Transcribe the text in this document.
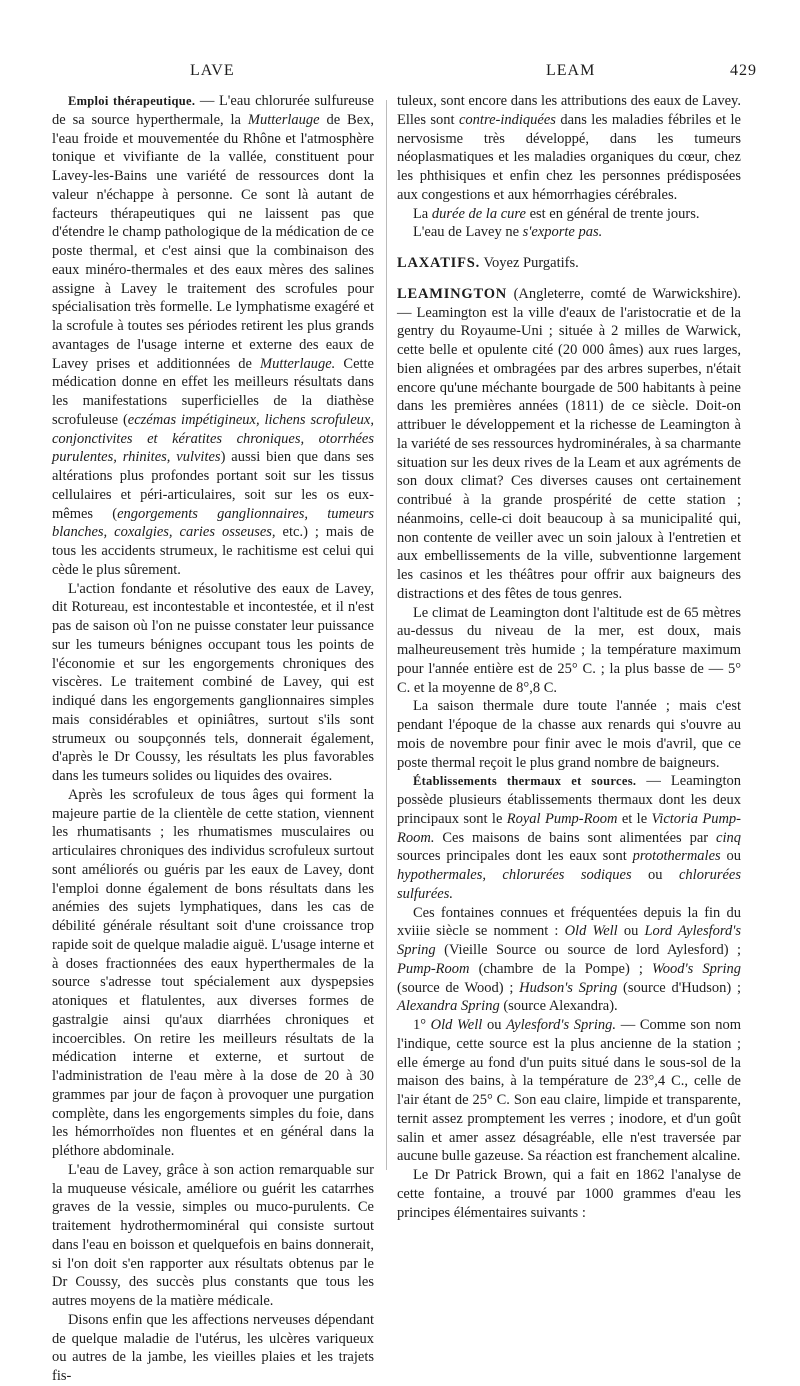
LAVE	LEAM	429

Emploi thérapeutique. — L'eau chlorurée sulfureuse de sa source hyperthermale, la Mutterlauge de Bex, l'eau froide et mouvementée du Rhône et l'atmosphère tonique et vivifiante de la vallée, constituent pour Lavey-les-Bains une variété de ressources dont la valeur n'échappe à personne. Ce sont là autant de facteurs thérapeutiques qui ne laissent pas que d'étendre le champ pathologique de la médication de ce poste thermal, et c'est ainsi que la combinaison des eaux minéro-thermales et des eaux mères des salines assigne à Lavey le traitement des scrofules pour spécialisation très formelle. Le lymphatisme exagéré et la scrofule à toutes ses périodes retirent les plus grands avantages de l'usage interne et externe des eaux de Lavey prises et additionnées de Mutterlauge. Cette médication donne en effet les meilleurs résultats dans les manifestations superficielles de la diathèse scrofuleuse (eczémas impétigineux, lichens scrofuleux, conjonctivites et kératites chroniques, otorrhées purulentes, rhinites, vulvites) aussi bien que dans ses altérations plus profondes portant soit sur les tissus cellulaires et péri-articulaires, soit sur les os eux-mêmes (engorgements ganglionnaires, tumeurs blanches, coxalgies, caries osseuses, etc.) ; mais de tous les accidents strumeux, le rachitisme est celui qui cède le plus sûrement.

L'action fondante et résolutive des eaux de Lavey, dit Rotureau, est incontestable et incontestée, et il n'est pas de saison où l'on ne puisse constater leur puissance sur les tumeurs bénignes occupant tous les points de l'économie et sur les engorgements chroniques des viscères. Le traitement combiné de Lavey, qui est indiqué dans les engorgements ganglionnaires simples mais considérables et opiniâtres, surtout s'ils sont strumeux ou soupçonnés tels, donnerait également, d'après le Dr Coussy, les résultats les plus favorables dans les tumeurs solides ou liquides des ovaires.

Après les scrofuleux de tous âges qui forment la majeure partie de la clientèle de cette station, viennent les rhumatisants ; les rhumatismes musculaires ou articulaires chroniques des individus scrofuleux surtout sont améliorés ou guéris par les eaux de Lavey, dont l'emploi donne également de bons résultats dans les anémies des sujets lymphatiques, dans les cas de débilité générale résultant soit d'une croissance trop rapide soit de quelque maladie aiguë. L'usage interne et à doses fractionnées des eaux hyperthermales de la source s'adresse tout spécialement aux dyspepsies atoniques et flatulentes, aux diverses formes de gastralgie ainsi qu'aux diarrhées chroniques et incoercibles. On retire les meilleurs résultats de la médication interne et externe, et surtout de l'administration de l'eau mère à la dose de 20 à 30 grammes par jour de façon à provoquer une purgation complète, dans les engorgements simples du foie, dans les hémorrhoïdes non fluentes et en général dans la pléthore abdominale.

L'eau de Lavey, grâce à son action remarquable sur la muqueuse vésicale, améliore ou guérit les catarrhes graves de la vessie, simples ou muco-purulents. Ce traitement hydrothermominéral qui consiste surtout dans l'eau en boisson et quelquefois en bains donnerait, si l'on doit s'en rapporter aux résultats obtenus par le Dr Coussy, des succès plus constants que tous les autres moyens de la matière médicale.

Disons enfin que les affections nerveuses dépendant de quelque maladie de l'utérus, les ulcères variqueux ou autres de la jambe, les vieilles plaies et les trajets fis-

tuleux, sont encore dans les attributions des eaux de Lavey. Elles sont contre-indiquées dans les maladies fébriles et le nervosisme très développé, dans les tumeurs néoplasmatiques et les maladies organiques du cœur, chez les phthisiques et enfin chez les personnes prédisposées aux congestions et aux hémorrhagies cérébrales.

La durée de la cure est en général de trente jours.

L'eau de Lavey ne s'exporte pas.

LAXATIFS. Voyez Purgatifs.

LEAMINGTON (Angleterre, comté de Warwickshire). — Leamington est la ville d'eaux de l'aristocratie et de la gentry du Royaume-Uni ; située à 2 milles de Warwick, cette belle et opulente cité (20 000 âmes) aux rues larges, bien alignées et ombragées par des arbres superbes, n'était encore qu'une méchante bourgade de 500 habitants à peine dans les premières années (1811) de ce siècle. Doit-on attribuer le développement et la richesse de Leamington à la variété de ses ressources hydrominérales, à sa charmante situation sur les deux rives de la Leam et aux agréments de son doux climat? Ces diverses causes ont certainement contribué à la grande prospérité de cette station ; néanmoins, celle-ci doit beaucoup à sa municipalité qui, non contente de veiller avec un soin jaloux à l'entretien et aux embellissements de la ville, subventionne largement les casinos et les théâtres pour offrir aux baigneurs des distractions et des fêtes de tous genres.

Le climat de Leamington dont l'altitude est de 65 mètres au-dessus du niveau de la mer, est doux, mais malheureusement très humide ; la température maximum pour l'année entière est de 25° C. ; la plus basse de — 5° C. et la moyenne de 8°,8 C.

La saison thermale dure toute l'année ; mais c'est pendant l'époque de la chasse aux renards qui s'ouvre au mois de novembre pour finir avec le mois d'avril, que ce poste thermal reçoit le plus grand nombre de baigneurs.

Établissements thermaux et sources. — Leamington possède plusieurs établissements thermaux dont les deux principaux sont le Royal Pump-Room et le Victoria Pump-Room. Ces maisons de bains sont alimentées par cinq sources principales dont les eaux sont protothermales ou hypothermales, chlorurées sodiques ou chlorurées sulfurées.

Ces fontaines connues et fréquentées depuis la fin du xviiie siècle se nomment : Old Well ou Lord Aylesford's Spring (Vieille Source ou source de lord Aylesford) ; Pump-Room (chambre de la Pompe) ; Wood's Spring (source de Wood) ; Hudson's Spring (source d'Hudson) ; Alexandra Spring (source Alexandra).

1° Old Well ou Aylesford's Spring. — Comme son nom l'indique, cette source est la plus ancienne de la station ; elle émerge au fond d'un puits situé dans le sous-sol de la maison des bains, à la température de 23°,4 C., celle de l'air étant de 25° C. Son eau claire, limpide et transparente, ternit assez promptement les verres ; inodore, et d'un goût salin et amer assez désagréable, elle n'est traversée par aucune bulle gazeuse. Sa réaction est franchement alcaline.

Le Dr Patrick Brown, qui a fait en 1862 l'analyse de cette fontaine, a trouvé par 1000 grammes d'eau les principes élémentaires suivants :
